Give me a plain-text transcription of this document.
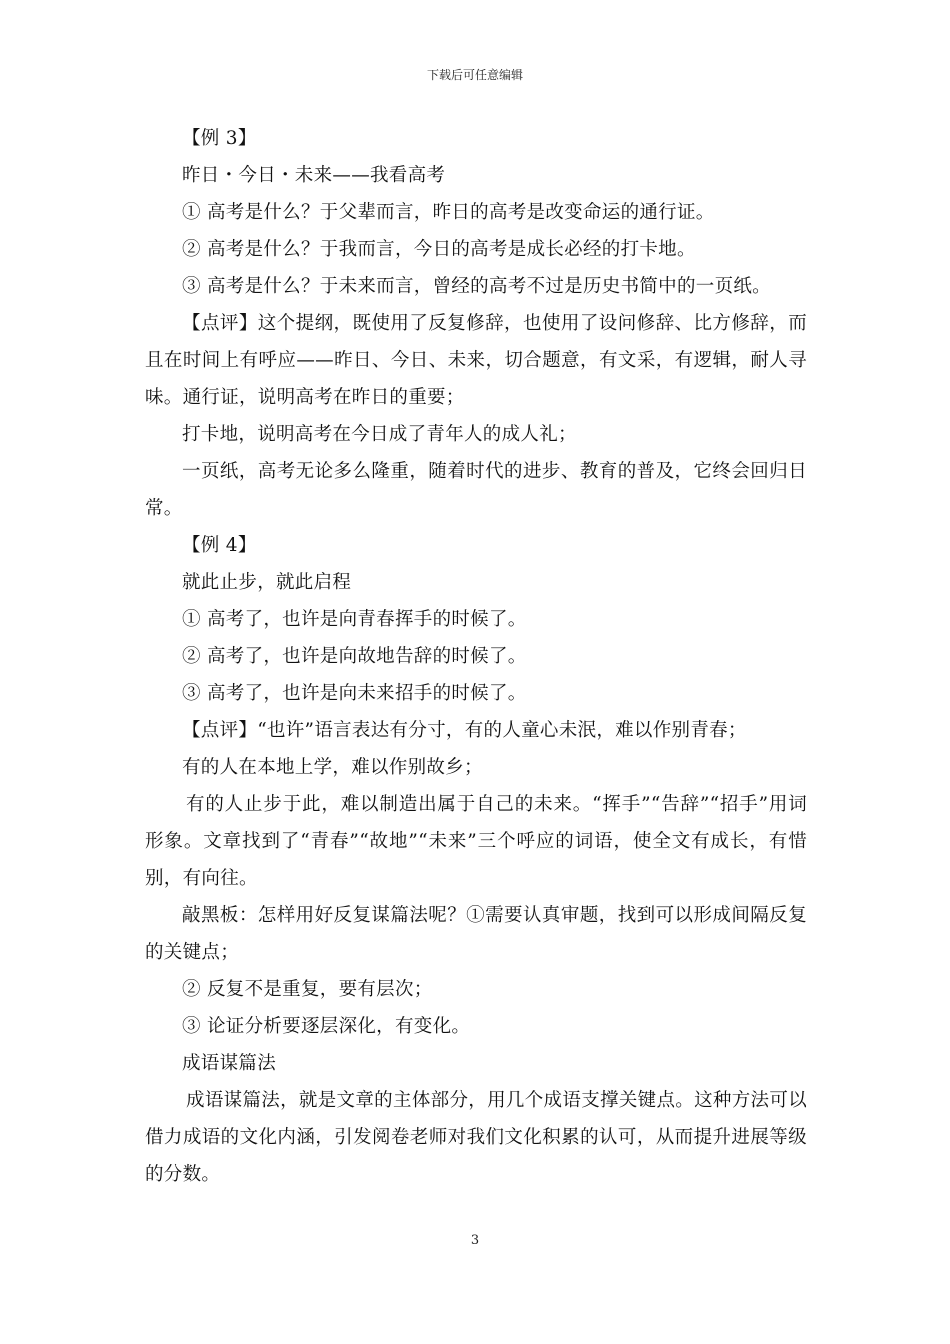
下载后可任意编辑

【例 3】

昨日・今日・未来——我看高考

① 高考是什么？于父辈而言，昨日的高考是改变命运的通行证。

② 高考是什么？于我而言，今日的高考是成长必经的打卡地。

③ 高考是什么？于未来而言，曾经的高考不过是历史书简中的一页纸。

【点评】这个提纲，既使用了反复修辞，也使用了设问修辞、比方修辞，而且在时间上有呼应——昨日、今日、未来，切合题意，有文采，有逻辑，耐人寻味。通行证，说明高考在昨日的重要；

打卡地，说明高考在今日成了青年人的成人礼；

一页纸，高考无论多么隆重，随着时代的进步、教育的普及，它终会回归日常。

【例 4】

就此止步，就此启程

① 高考了，也许是向青春挥手的时候了。

② 高考了，也许是向故地告辞的时候了。

③ 高考了，也许是向未来招手的时候了。

【点评】“也许”语言表达有分寸，有的人童心未泯，难以作别青春；

有的人在本地上学，难以作别故乡；

有的人止步于此，难以制造出属于自己的未来。“挥手”“告辞”“招手”用词形象。文章找到了“青春”“故地”“未来”三个呼应的词语，使全文有成长，有惜别，有向往。

敲黑板：怎样用好反复谋篇法呢？①需要认真审题，找到可以形成间隔反复的关键点；

② 反复不是重复，要有层次；

③ 论证分析要逐层深化，有变化。

成语谋篇法

成语谋篇法，就是文章的主体部分，用几个成语支撑关键点。这种方法可以借力成语的文化内涵，引发阅卷老师对我们文化积累的认可，从而提升进展等级的分数。

3
